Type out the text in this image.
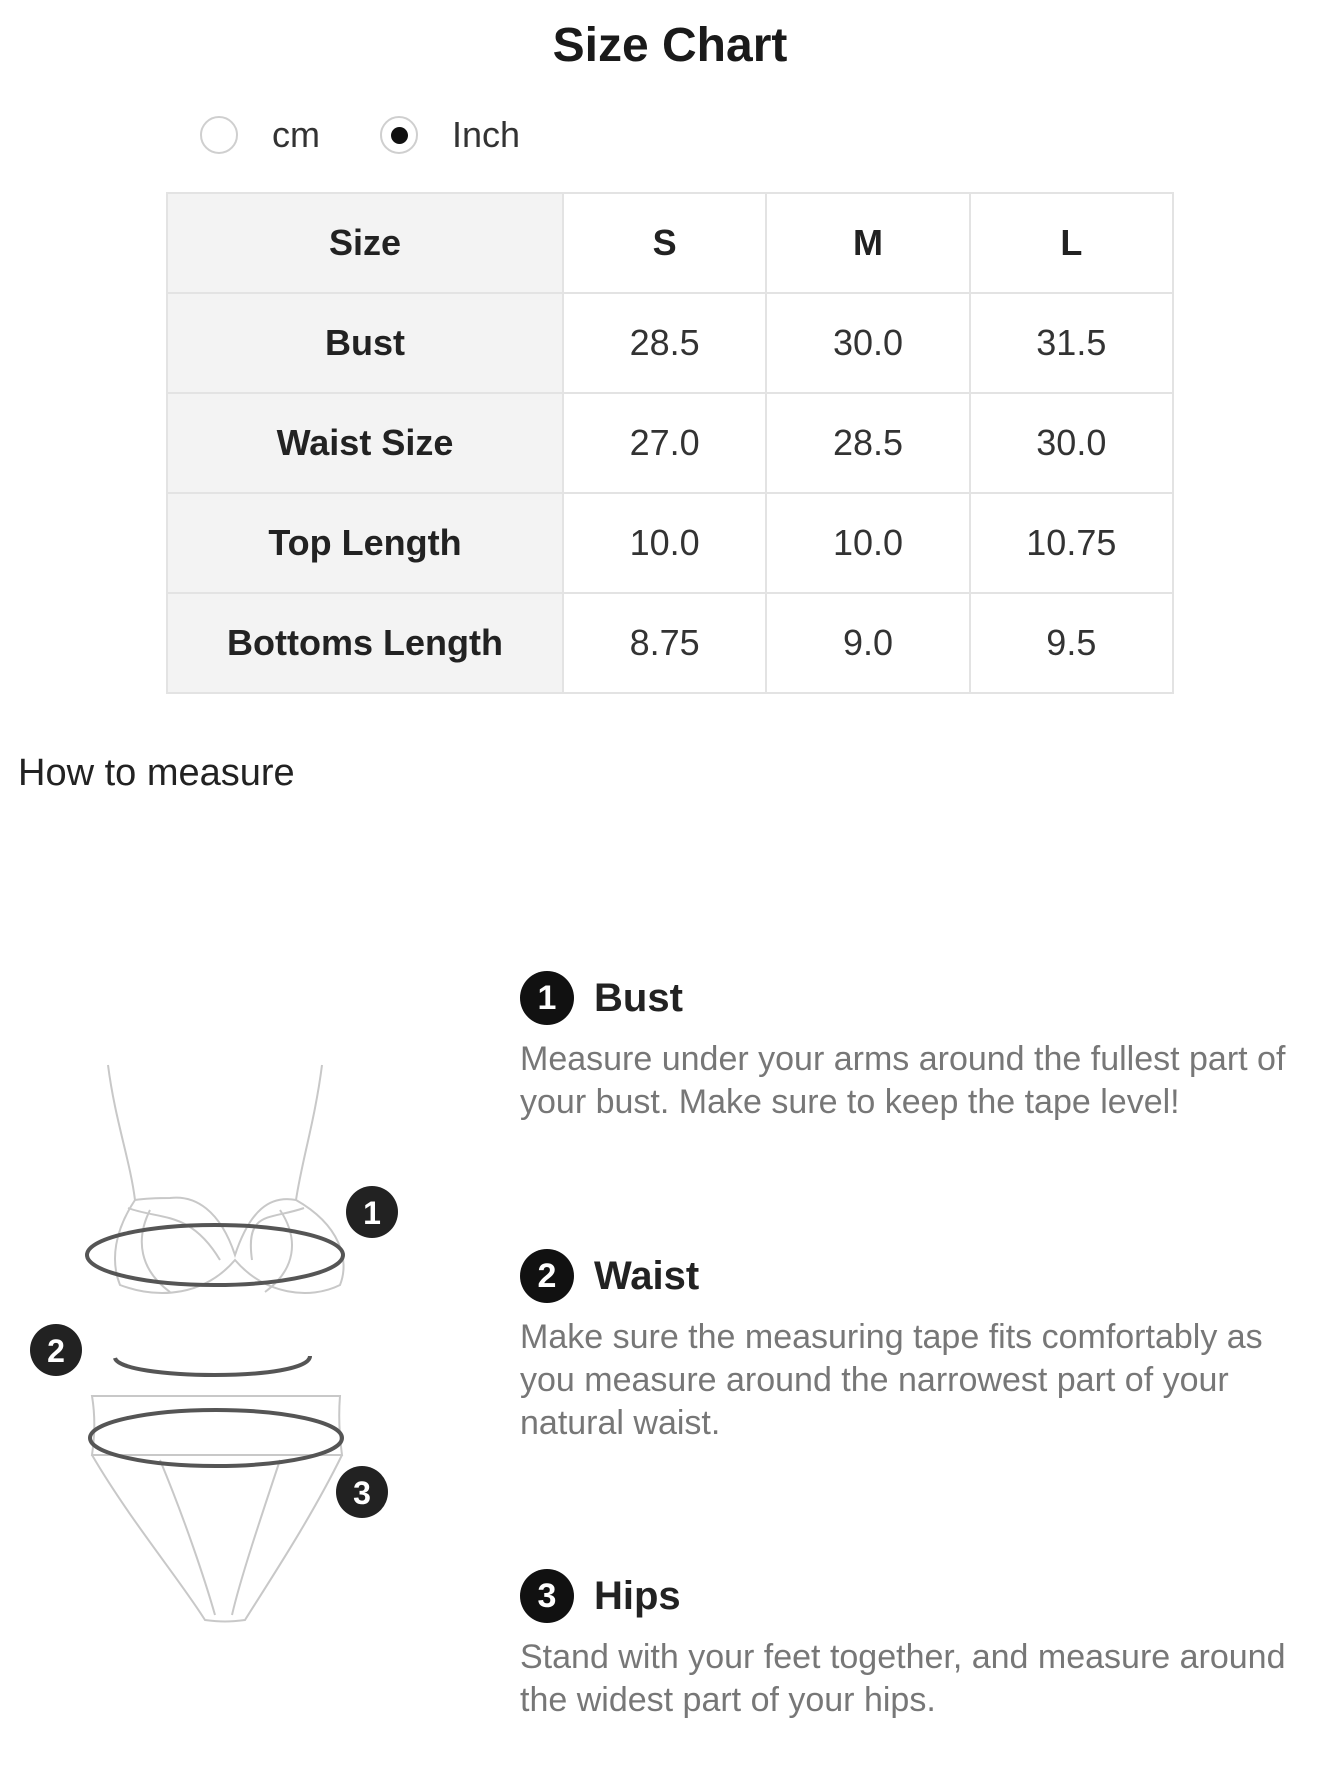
Size Chart
cm	Inch
Size	S	M	L
Bust	28.5	30.0	31.5
Waist Size	27.0	28.5	30.0
Top Length	10.0	10.0	10.75
Bottoms Length	8.75	9.0	9.5
How to measure
1
2
3
1 Bust
Measure under your arms around the fullest part of your bust. Make sure to keep the tape level!
2 Waist
Make sure the measuring tape fits comfortably as you measure around the narrowest part of your natural waist.
3 Hips
Stand with your feet together, and measure around the widest part of your hips.
